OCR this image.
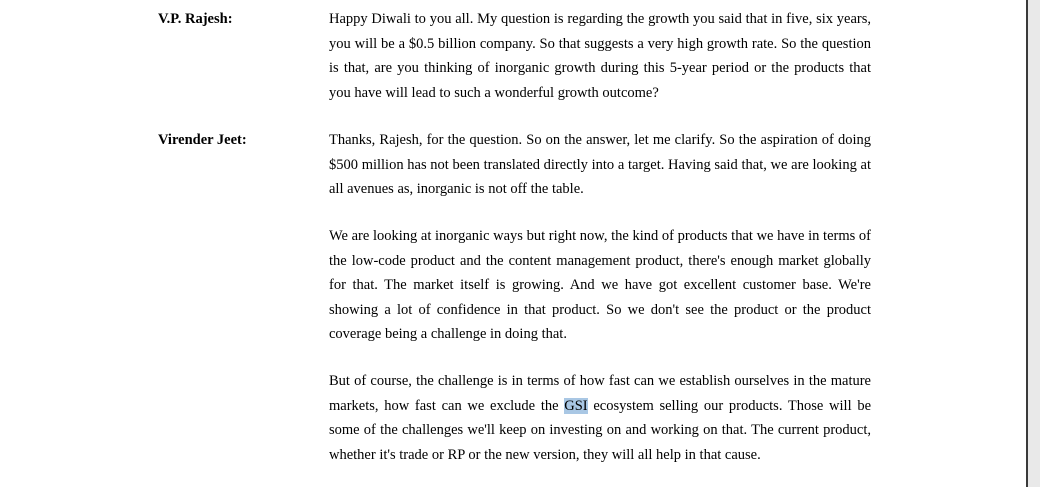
V.P. Rajesh:	Happy Diwali to you all. My question is regarding the growth you said that in five, six years, you will be a $0.5 billion company. So that suggests a very high growth rate. So the question is that, are you thinking of inorganic growth during this 5-year period or the products that you have will lead to such a wonderful growth outcome?

Virender Jeet:	Thanks, Rajesh, for the question. So on the answer, let me clarify. So the aspiration of doing $500 million has not been translated directly into a target. Having said that, we are looking at all avenues as, inorganic is not off the table.

We are looking at inorganic ways but right now, the kind of products that we have in terms of the low-code product and the content management product, there's enough market globally for that. The market itself is growing. And we have got excellent customer base. We're showing a lot of confidence in that product. So we don't see the product or the product coverage being a challenge in doing that.

But of course, the challenge is in terms of how fast can we establish ourselves in the mature markets, how fast can we exclude the GSI ecosystem selling our products. Those will be some of the challenges we'll keep on investing on and working on that. The current product, whether it's trade or RP or the new version, they will all help in that cause.
